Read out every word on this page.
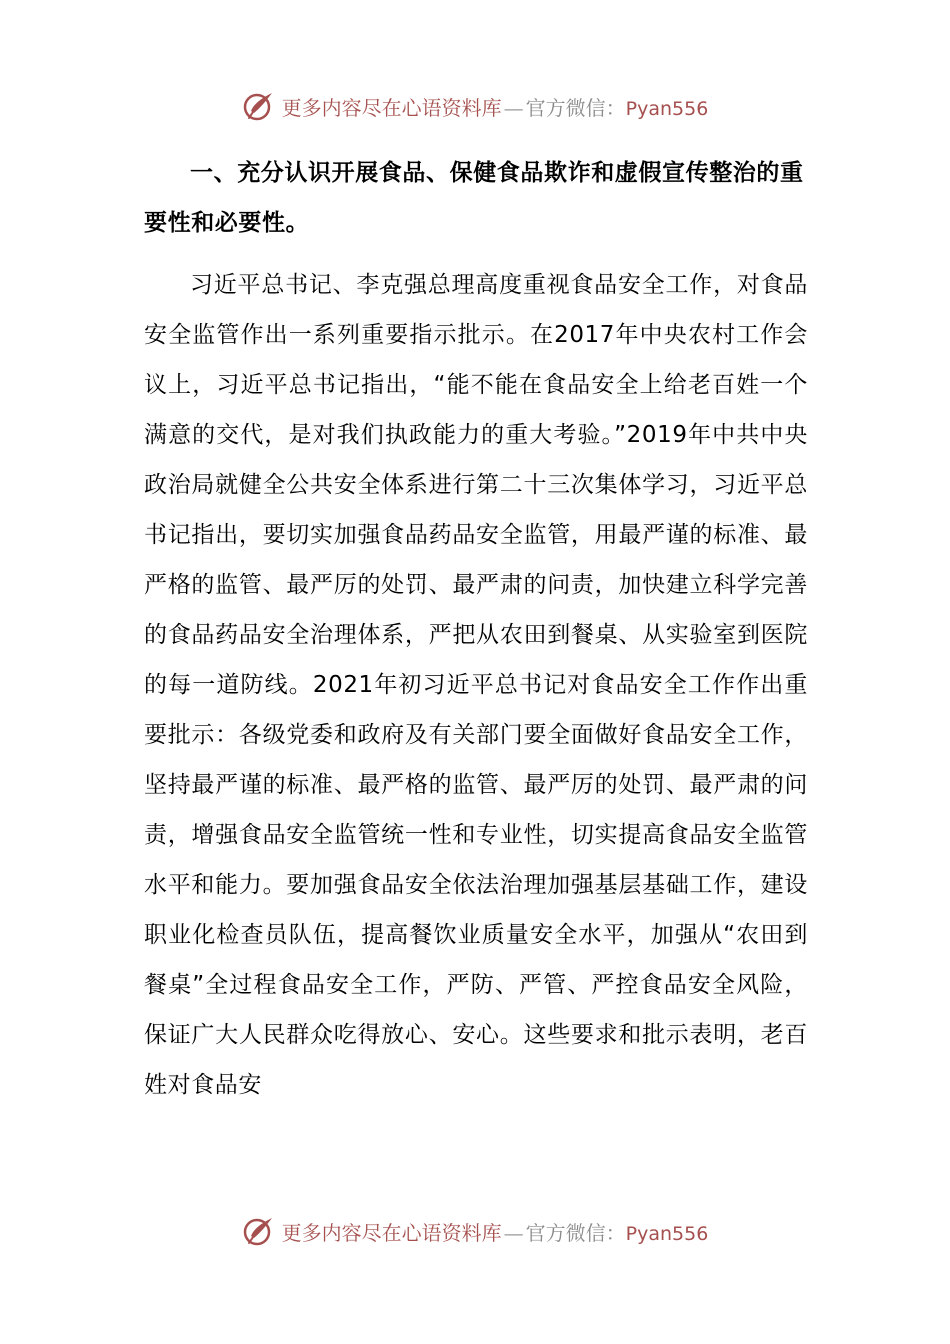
更多内容尽在心语资料库 — 官方微信：Pyan556

一、充分认识开展食品、保健食品欺诈和虚假宣传整治的重要性和必要性。

习近平总书记、李克强总理高度重视食品安全工作，对食品安全监管作出一系列重要指示批示。在2017年中央农村工作会议上，习近平总书记指出，“能不能在食品安全上给老百姓一个满意的交代，是对我们执政能力的重大考验。”2019年中共中央政治局就健全公共安全体系进行第二十三次集体学习，习近平总书记指出，要切实加强食品药品安全监管，用最严谨的标准、最严格的监管、最严厉的处罚、最严肃的问责，加快建立科学完善的食品药品安全治理体系，严把从农田到餐桌、从实验室到医院的每一道防线。2021年初习近平总书记对食品安全工作作出重要批示：各级党委和政府及有关部门要全面做好食品安全工作，坚持最严谨的标准、最严格的监管、最严厉的处罚、最严肃的问责，增强食品安全监管统一性和专业性，切实提高食品安全监管水平和能力。要加强食品安全依法治理加强基层基础工作，建设职业化检查员队伍，提高餐饮业质量安全水平，加强从“农田到餐桌”全过程食品安全工作，严防、严管、严控食品安全风险，保证广大人民群众吃得放心、安心。这些要求和批示表明，老百姓对食品安

更多内容尽在心语资料库 — 官方微信：Pyan556
